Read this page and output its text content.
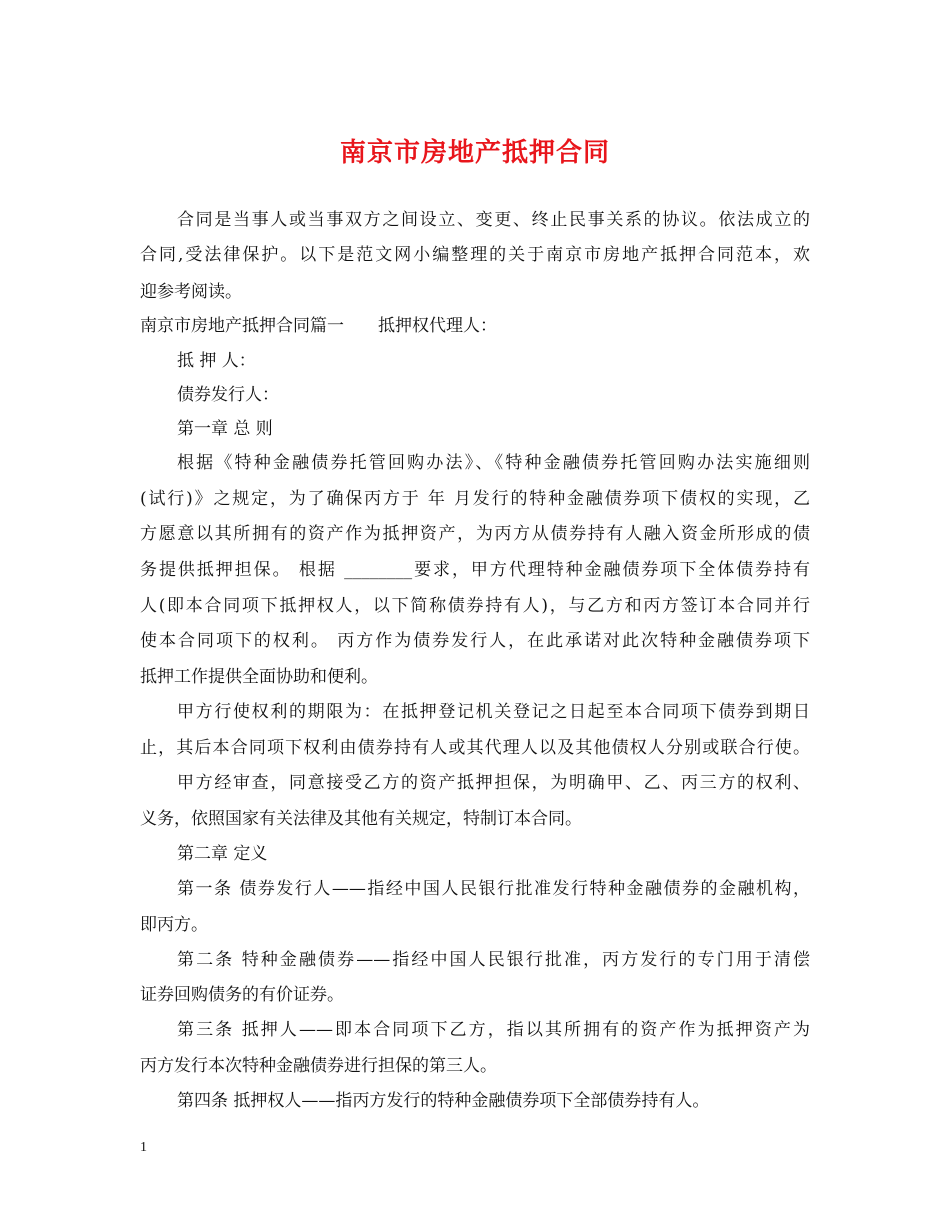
南京市房地产抵押合同
合同是当事人或当事双方之间设立、变更、终止民事关系的协议。依法成立的
合同,受法律保护。以下是范文网小编整理的关于南京市房地产抵押合同范本，欢
迎参考阅读。
南京市房地产抵押合同篇一　　抵押权代理人：
抵 押 人：
债券发行人：
第一章 总 则
根据《特种金融债券托管回购办法》、《特种金融债券托管回购办法实施细则
(试行)》之规定，为了确保丙方于 年 月发行的特种金融债券项下债权的实现，乙
方愿意以其所拥有的资产作为抵押资产，为丙方从债券持有人融入资金所形成的债
务提供抵押担保。 根据 ________要求，甲方代理特种金融债券项下全体债券持有
人(即本合同项下抵押权人，以下简称债券持有人)，与乙方和丙方签订本合同并行
使本合同项下的权利。 丙方作为债券发行人，在此承诺对此次特种金融债券项下
抵押工作提供全面协助和便利。
甲方行使权利的期限为：在抵押登记机关登记之日起至本合同项下债券到期日
止，其后本合同项下权利由债券持有人或其代理人以及其他债权人分别或联合行使。
甲方经审查，同意接受乙方的资产抵押担保，为明确甲、乙、丙三方的权利、
义务，依照国家有关法律及其他有关规定，特制订本合同。
第二章 定义
第一条 债券发行人——指经中国人民银行批准发行特种金融债券的金融机构，
即丙方。
第二条 特种金融债券——指经中国人民银行批准，丙方发行的专门用于清偿
证券回购债务的有价证券。
第三条 抵押人——即本合同项下乙方，指以其所拥有的资产作为抵押资产为
丙方发行本次特种金融债券进行担保的第三人。
第四条 抵押权人——指丙方发行的特种金融债券项下全部债券持有人。
1
